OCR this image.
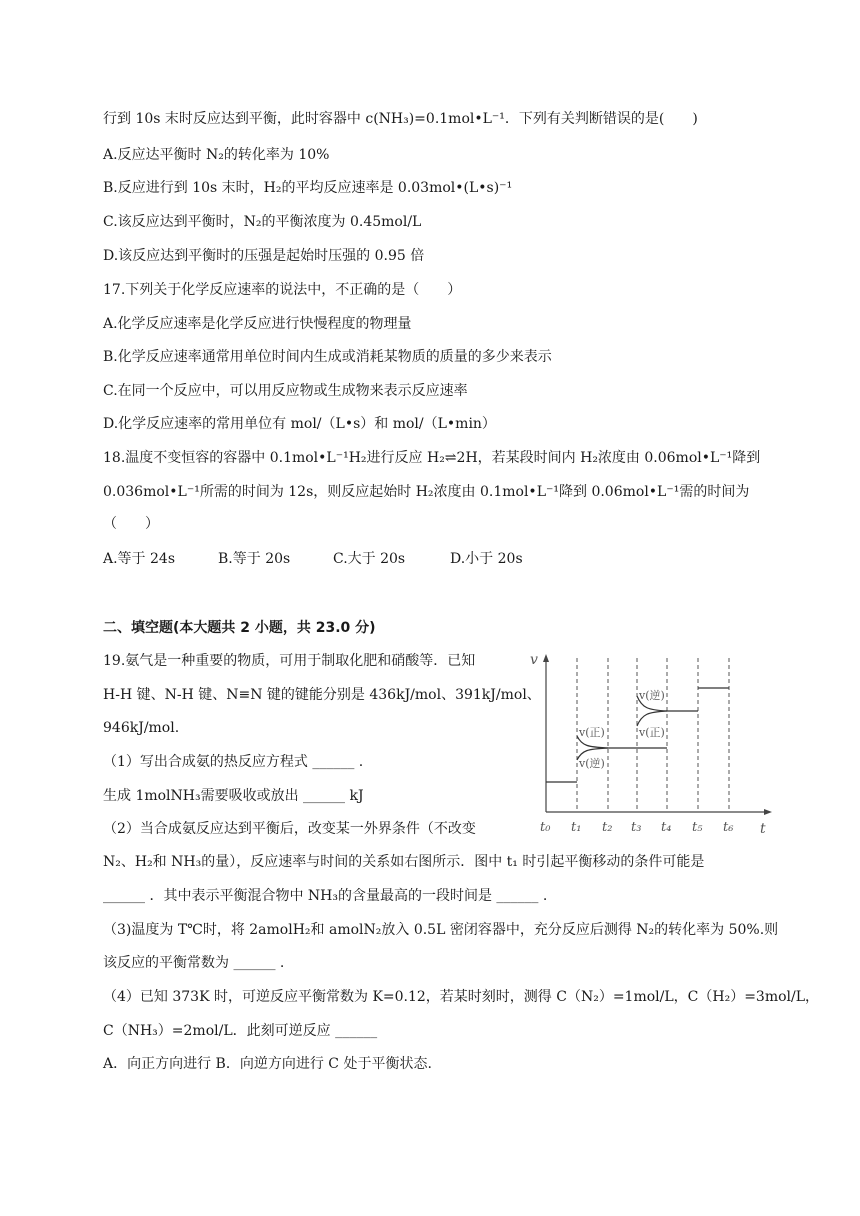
行到 10s 末时反应达到平衡，此时容器中 c(NH₃)=0.1mol•L⁻¹．下列有关判断错误的是(　　)
A.反应达平衡时 N₂的转化率为 10%
B.反应进行到 10s 末时，H₂的平均反应速率是 0.03mol•(L•s)⁻¹
C.该反应达到平衡时，N₂的平衡浓度为 0.45mol/L
D.该反应达到平衡时的压强是起始时压强的 0.95 倍
17.下列关于化学反应速率的说法中，不正确的是（　　）
A.化学反应速率是化学反应进行快慢程度的物理量
B.化学反应速率通常用单位时间内生成或消耗某物质的质量的多少来表示
C.在同一个反应中，可以用反应物或生成物来表示反应速率
D.化学反应速率的常用单位有 mol/（L•s）和 mol/（L•min）
18.温度不变恒容的容器中 0.1mol•L⁻¹H₂进行反应 H₂⇌2H，若某段时间内 H₂浓度由 0.06mol•L⁻¹降到
0.036mol•L⁻¹所需的时间为 12s，则反应起始时 H₂浓度由 0.1mol•L⁻¹降到 0.06mol•L⁻¹需的时间为
（　　）
A.等于 24s	B.等于 20s	C.大于 20s	D.小于 20s
二、填空题(本大题共 2 小题，共 23.0 分)
19.氨气是一种重要的物质，可用于制取化肥和硝酸等．已知
H-H 键、N-H 键、N≡N 键的键能分别是 436kJ/mol、391kJ/mol、
946kJ/mol.
（1）写出合成氨的热反应方程式 ______ .
生成 1molNH₃需要吸收或放出 ______ kJ
（2）当合成氨反应达到平衡后，改变某一外界条件（不改变
N₂、H₂和 NH₃的量），反应速率与时间的关系如右图所示．图中 t₁ 时引起平衡移动的条件可能是
______ ．其中表示平衡混合物中 NH₃的含量最高的一段时间是 ______ .
（3)温度为 T℃时，将 2amolH₂和 amolN₂放入 0.5L 密闭容器中，充分反应后测得 N₂的转化率为 50%.则
该反应的平衡常数为 ______ .
（4）已知 373K 时，可逆反应平衡常数为 K=0.12，若某时刻时，测得 C（N₂）=1mol/L，C（H₂）=3mol/L，
C（NH₃）=2mol/L．此刻可逆反应 ______
A．向正方向进行 B．向逆方向进行 C 处于平衡状态.
v
t
v(正)
v(逆)
v(逆)
v(正)
t₀ t₁ t₂ t₃ t₄ t₅ t₆
